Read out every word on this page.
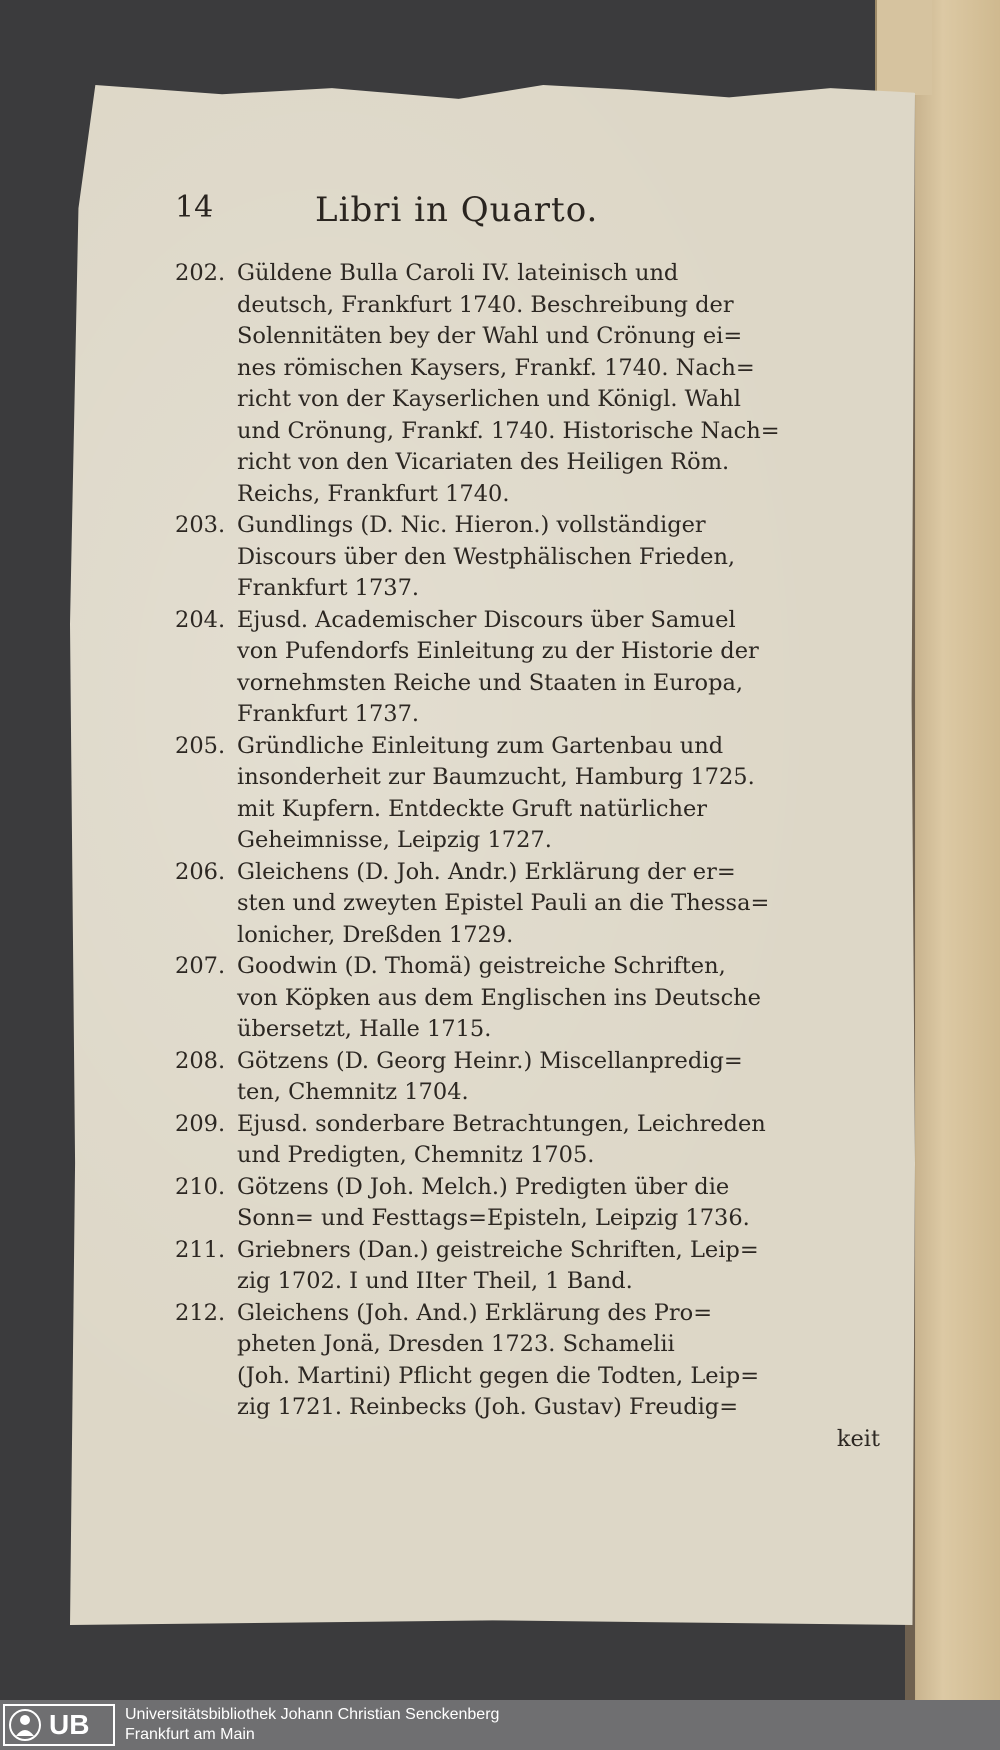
14	Libri in Quarto.
202. Güldene Bulla Caroli IV. lateinisch und
deutsch, Frankfurt 1740. Beschreibung der
Solennitäten bey der Wahl und Crönung ei=
nes römischen Kaysers, Frankf. 1740. Nach=
richt von der Kayserlichen und Königl. Wahl
und Crönung, Frankf. 1740. Historische Nach=
richt von den Vicariaten des Heiligen Röm.
Reichs, Frankfurt 1740.
203. Gundlings (D. Nic. Hieron.) vollständiger
Discours über den Westphälischen Frieden,
Frankfurt 1737.
204. Ejusd. Academischer Discours über Samuel
von Pufendorfs Einleitung zu der Historie der
vornehmsten Reiche und Staaten in Europa,
Frankfurt 1737.
205. Gründliche Einleitung zum Gartenbau und
insonderheit zur Baumzucht, Hamburg 1725.
mit Kupfern. Entdeckte Gruft natürlicher
Geheimnisse, Leipzig 1727.
206. Gleichens (D. Joh. Andr.) Erklärung der er=
sten und zweyten Epistel Pauli an die Thessa=
lonicher, Dreßden 1729.
207. Goodwin (D. Thomä) geistreiche Schriften,
von Köpken aus dem Englischen ins Deutsche
übersetzt, Halle 1715.
208. Götzens (D. Georg Heinr.) Miscellanpredig=
ten, Chemnitz 1704.
209. Ejusd. sonderbare Betrachtungen, Leichreden
und Predigten, Chemnitz 1705.
210. Götzens (D Joh. Melch.) Predigten über die
Sonn= und Festtags=Episteln, Leipzig 1736.
211. Griebners (Dan.) geistreiche Schriften, Leip=
zig 1702. I und IIter Theil, 1 Band.
212. Gleichens (Joh. And.) Erklärung des Pro=
pheten Jonä, Dresden 1723. Schamelii
(Joh. Martini) Pflicht gegen die Todten, Leip=
zig 1721. Reinbecks (Joh. Gustav) Freudig=
keit
UB Universitätsbibliothek Johann Christian Senckenberg
Frankfurt am Main
